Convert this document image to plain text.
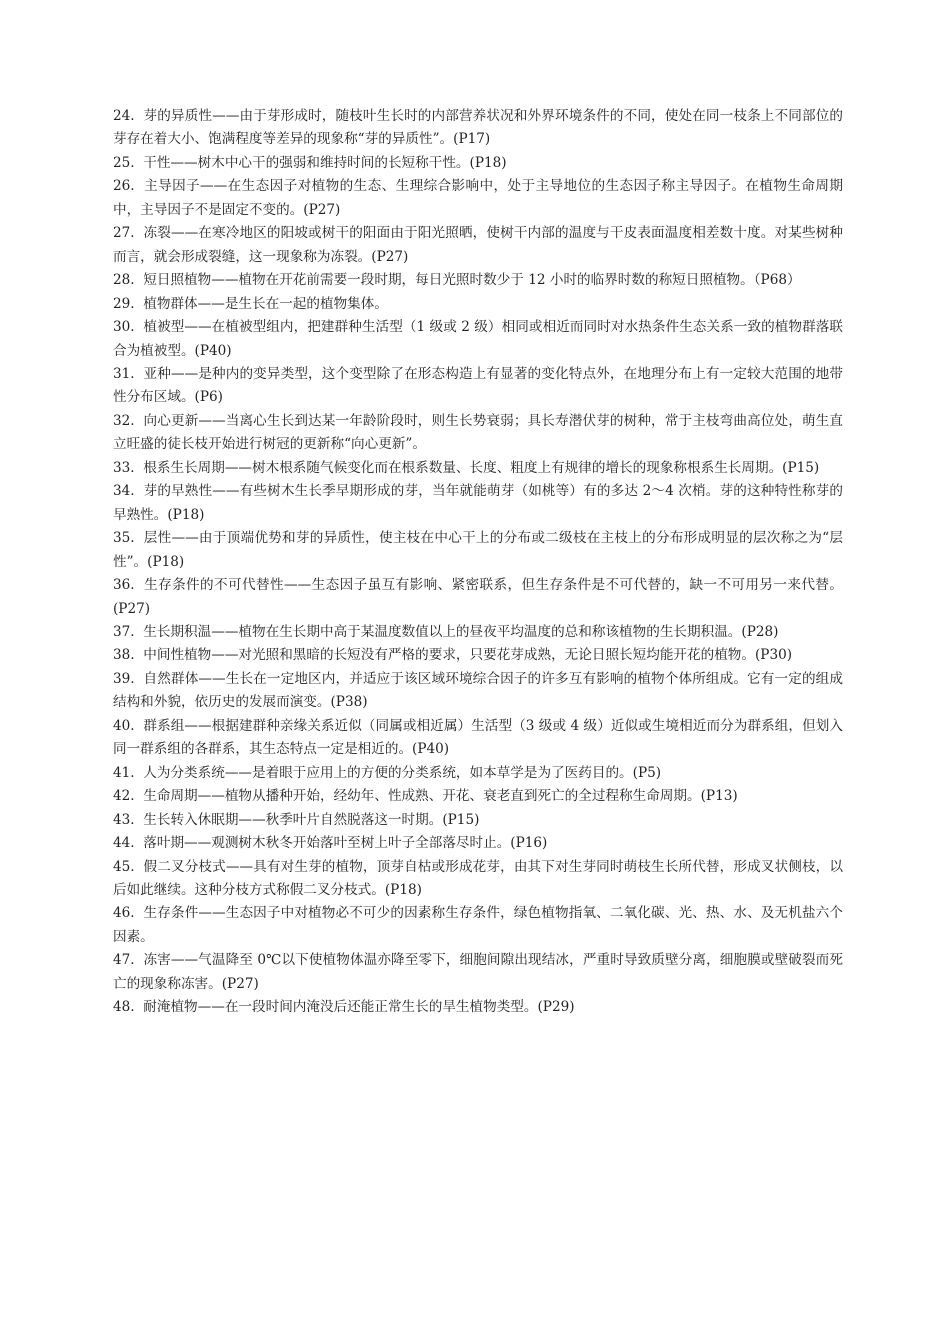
24. 芽的异质性——由于芽形成时，随枝叶生长时的内部营养状况和外界环境条件的不同，使处在同一枝条上不同部位的芽存在着大小、饱满程度等差异的现象称“芽的异质性”。(P17)

25. 干性——树木中心干的强弱和维持时间的长短称干性。(P18)

26. 主导因子——在生态因子对植物的生态、生理综合影响中，处于主导地位的生态因子称主导因子。在植物生命周期中，主导因子不是固定不变的。(P27)

27. 冻裂——在寒冷地区的阳坡或树干的阳面由于阳光照晒，使树干内部的温度与干皮表面温度相差数十度。对某些树种而言，就会形成裂缝，这一现象称为冻裂。(P27)

28. 短日照植物——植物在开花前需要一段时期，每日光照时数少于 12 小时的临界时数的称短日照植物。（P68）

29. 植物群体——是生长在一起的植物集体。

30. 植被型——在植被型组内，把建群种生活型（1 级或 2 级）相同或相近而同时对水热条件生态关系一致的植物群落联合为植被型。(P40)

31. 亚种——是种内的变异类型，这个变型除了在形态构造上有显著的变化特点外，在地理分布上有一定较大范围的地带性分布区域。(P6)

32. 向心更新——当离心生长到达某一年龄阶段时，则生长势衰弱；具长寿潜伏芽的树种，常于主枝弯曲高位处，萌生直立旺盛的徒长枝开始进行树冠的更新称“向心更新”。

33. 根系生长周期——树木根系随气候变化而在根系数量、长度、粗度上有规律的增长的现象称根系生长周期。(P15)

34. 芽的早熟性——有些树木生长季早期形成的芽，当年就能萌芽（如桃等）有的多达 2～4 次梢。芽的这种特性称芽的早熟性。(P18)

35. 层性——由于顶端优势和芽的异质性，使主枝在中心干上的分布或二级枝在主枝上的分布形成明显的层次称之为“层性”。(P18)

36. 生存条件的不可代替性——生态因子虽互有影响、紧密联系，但生存条件是不可代替的，缺一不可用另一来代替。(P27)

37. 生长期积温——植物在生长期中高于某温度数值以上的昼夜平均温度的总和称该植物的生长期积温。(P28)

38. 中间性植物——对光照和黑暗的长短没有严格的要求，只要花芽成熟，无论日照长短均能开花的植物。(P30)

39. 自然群体——生长在一定地区内，并适应于该区域环境综合因子的许多互有影响的植物个体所组成。它有一定的组成结构和外貌，依历史的发展而演变。(P38)

40. 群系组——根据建群种亲缘关系近似（同属或相近属）生活型（3 级或 4 级）近似或生境相近而分为群系组，但划入同一群系组的各群系，其生态特点一定是相近的。(P40)

41. 人为分类系统——是着眼于应用上的方便的分类系统，如本草学是为了医药目的。(P5)

42. 生命周期——植物从播种开始，经幼年、性成熟、开花、衰老直到死亡的全过程称生命周期。(P13)

43. 生长转入休眠期——秋季叶片自然脱落这一时期。(P15)

44. 落叶期——观测树木秋冬开始落叶至树上叶子全部落尽时止。(P16)

45. 假二叉分枝式——具有对生芽的植物，顶芽自枯或形成花芽，由其下对生芽同时萌枝生长所代替，形成叉状侧枝，以后如此继续。这种分枝方式称假二叉分枝式。(P18)

46. 生存条件——生态因子中对植物必不可少的因素称生存条件，绿色植物指氧、二氧化碳、光、热、水、及无机盐六个因素。

47. 冻害——气温降至 0℃以下使植物体温亦降至零下，细胞间隙出现结冰，严重时导致质壁分离，细胞膜或壁破裂而死亡的现象称冻害。(P27)

48. 耐淹植物——在一段时间内淹没后还能正常生长的旱生植物类型。(P29)
